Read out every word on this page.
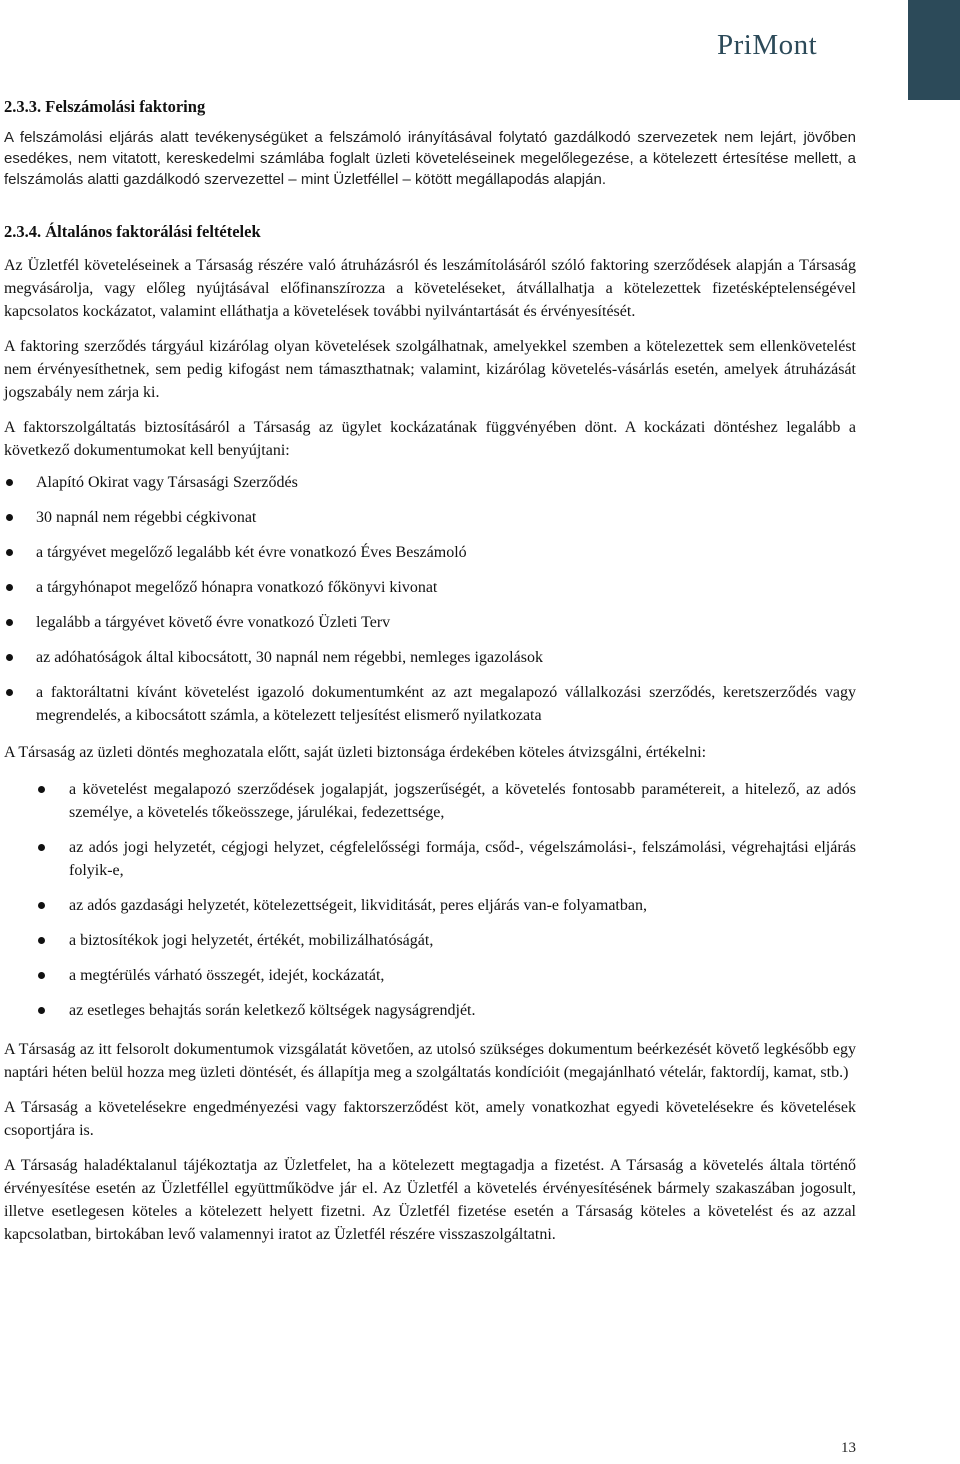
PriMont
2.3.3. Felszámolási faktoring

A felszámolási eljárás alatt tevékenységüket a felszámoló irányításával folytató gazdálkodó szervezetek nem lejárt, jövőben esedékes, nem vitatott, kereskedelmi számlába foglalt üzleti követeléseinek megelőlegezése, a kötelezett értesítése mellett, a felszámolás alatti gazdálkodó szervezettel – mint Üzletféllel – kötött megállapodás alapján.

2.3.4. Általános faktorálási feltételek

Az Üzletfél követeléseinek a Társaság részére való átruházásról és leszámítolásáról szóló faktoring szerződések alapján a Társaság megvásárolja, vagy előleg nyújtásával előfinanszírozza a követeléseket, átvállalhatja a kötelezettek fizetésképtelenségével kapcsolatos kockázatot, valamint elláthatja a követelések további nyilvántartását és érvényesítését.

A faktoring szerződés tárgyául kizárólag olyan követelések szolgálhatnak, amelyekkel szemben a kötelezettek sem ellenkövetelést nem érvényesíthetnek, sem pedig kifogást nem támaszthatnak; valamint, kizárólag követelés-vásárlás esetén, amelyek átruházását jogszabály nem zárja ki.

A faktorszolgáltatás biztosításáról a Társaság az ügylet kockázatának függvényében dönt. A kockázati döntéshez legalább a következő dokumentumokat kell benyújtani:

Alapító Okirat vagy Társasági Szerződés
30 napnál nem régebbi cégkivonat
a tárgyévet megelőző legalább két évre vonatkozó Éves Beszámoló
a tárgyhónapot megelőző hónapra vonatkozó főkönyvi kivonat
legalább a tárgyévet követő évre vonatkozó Üzleti Terv
az adóhatóságok által kibocsátott, 30 napnál nem régebbi, nemleges igazolások
a faktoráltatni kívánt követelést igazoló dokumentumként az azt megalapozó vállalkozási szerződés, keretszerződés vagy megrendelés, a kibocsátott számla, a kötelezett teljesítést elismerő nyilatkozata

A Társaság az üzleti döntés meghozatala előtt, saját üzleti biztonsága érdekében köteles átvizsgálni, értékelni:

a követelést megalapozó szerződések jogalapját, jogszerűségét, a követelés fontosabb paramétereit, a hitelező, az adós személye, a követelés tőkeösszege, járulékai, fedezettsége,
az adós jogi helyzetét, cégjogi helyzet, cégfelelősségi formája, csőd-, végelszámolási-, felszámolási, végrehajtási eljárás folyik-e,
az adós gazdasági helyzetét, kötelezettségeit, likviditását, peres eljárás van-e folyamatban,
a biztosítékok jogi helyzetét, értékét, mobilizálhatóságát,
a megtérülés várható összegét, idejét, kockázatát,
az esetleges behajtás során keletkező költségek nagyságrendjét.

A Társaság az itt felsorolt dokumentumok vizsgálatát követően, az utolsó szükséges dokumentum beérkezését követő legkésőbb egy naptári héten belül hozza meg üzleti döntését, és állapítja meg a szolgáltatás kondícióit (megajánlható vételár, faktordíj, kamat, stb.)

A Társaság a követelésekre engedményezési vagy faktorszerződést köt, amely vonatkozhat egyedi követelésekre és követelések csoportjára is.

A Társaság haladéktalanul tájékoztatja az Üzletfelet, ha a kötelezett megtagadja a fizetést. A Társaság a követelés általa történő érvényesítése esetén az Üzletféllel együttműködve jár el. Az Üzletfél a követelés érvényesítésének bármely szakaszában jogosult, illetve esetlegesen köteles a kötelezett helyett fizetni. Az Üzletfél fizetése esetén a Társaság köteles a követelést és az azzal kapcsolatban, birtokában levő valamennyi iratot az Üzletfél részére visszaszolgáltatni.

13
